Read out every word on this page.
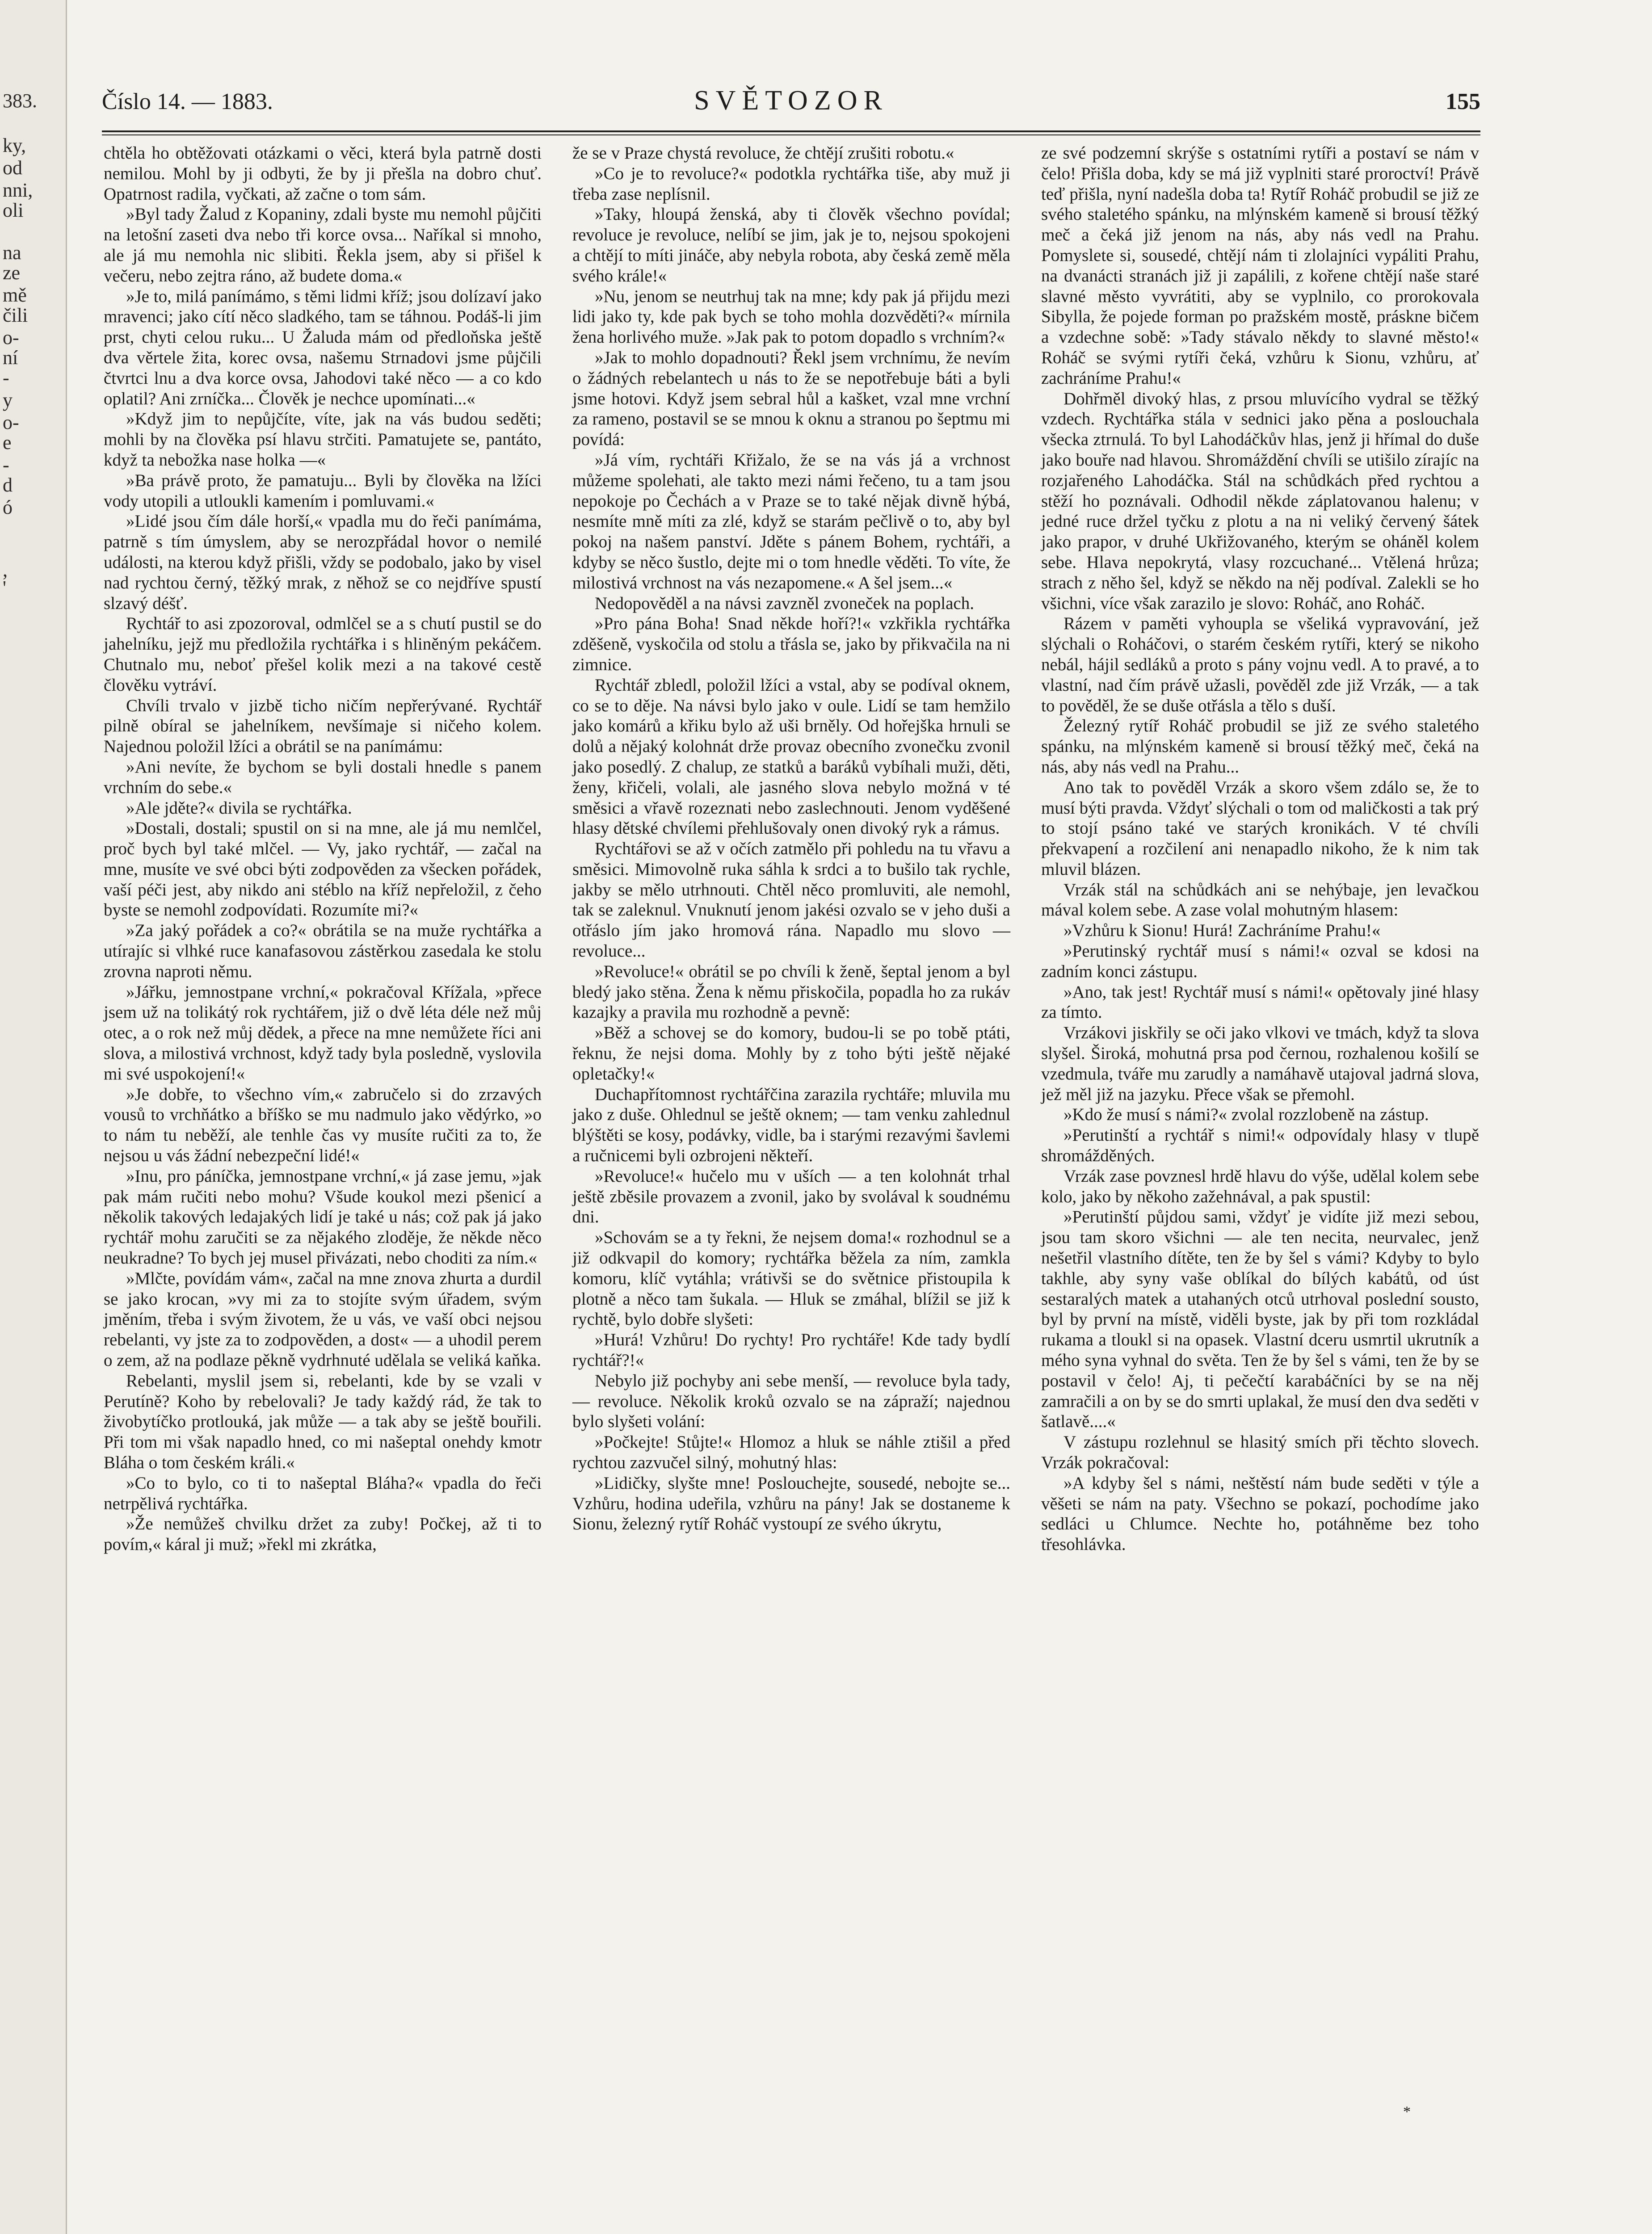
383.
ky,
od
nni,
oli
na
ze
mě
čili
o-
ní
-
y
o-
e
-
d
ó
,
'
Číslo 14. — 1883.	SVĚTOZOR	155

chtěla ho obtěžovati otázkami o věci, která byla patrně dosti nemilou. Mohl by ji odbyti, že by ji přešla na dobro chuť. Opatrnost radila, vyčkati, až začne o tom sám.

»Byl tady Žalud z Kopaniny, zdali byste mu nemohl půjčiti na letošní zaseti dva nebo tři korce ovsa... Naříkal si mnoho, ale já mu nemohla nic slibiti. Řekla jsem, aby si přišel k večeru, nebo zejtra ráno, až budete doma.«

»Je to, milá panímámo, s těmi lidmi kříž; jsou dolízaví jako mravenci; jako cítí něco sladkého, tam se táhnou. Podáš-li jim prst, chyti celou ruku... U Žaluda mám od předloňska ještě dva věrtele žita, korec ovsa, našemu Strnadovi jsme půjčili čtvrtci lnu a dva korce ovsa, Jahodovi také něco — a co kdo oplatil? Ani zrníčka... Člověk je nechce upomínati...«

»Když jim to nepůjčíte, víte, jak na vás budou seděti; mohli by na člověka psí hlavu strčiti. Pamatujete se, pantáto, když ta nebožka nase holka —«

»Ba právě proto, že pamatuju... Byli by člověka na lžíci vody utopili a utloukli kamením i pomluvami.«

»Lidé jsou čím dále horší,« vpadla mu do řeči panímáma, patrně s tím úmyslem, aby se nerozpřádal hovor o nemilé události, na kterou když přišli, vždy se podobalo, jako by visel nad rychtou černý, těžký mrak, z něhož se co nejdříve spustí slzavý déšť.

Rychtář to asi zpozoroval, odmlčel se a s chutí pustil se do jahelníku, jejž mu předložila rychtářka i s hliněným pekáčem. Chutnalo mu, neboť přešel kolik mezi a na takové cestě člověku vytráví.

Chvíli trvalo v jizbě ticho ničím nepřerývané. Rychtář pilně obíral se jahelníkem, nevšímaje si ničeho kolem. Najednou položil lžíci a obrátil se na panímámu:

»Ani nevíte, že bychom se byli dostali hnedle s panem vrchním do sebe.«

»Ale jděte?« divila se rychtářka.

»Dostali, dostali; spustil on si na mne, ale já mu nemlčel, proč bych byl také mlčel. — Vy, jako rychtář, — začal na mne, musíte ve své obci býti zodpověden za všecken pořádek, vaší péči jest, aby nikdo ani stéblo na kříž nepřeložil, z čeho byste se nemohl zodpovídati. Rozumíte mi?«

»Za jaký pořádek a co?« obrátila se na muže rychtářka a utírajíc si vlhké ruce kanafasovou zástěrkou zasedala ke stolu zrovna naproti němu.

»Jářku, jemnostpane vrchní,« pokračoval Křížala, »přece jsem už na tolikátý rok rychtářem, již o dvě léta déle než můj otec, a o rok než můj dědek, a přece na mne nemůžete říci ani slova, a milostivá vrchnost, když tady byla posledně, vyslovila mi své uspokojení!«

»Je dobře, to všechno vím,« zabručelo si do zrzavých vousů to vrchňátko a bříško se mu nadmulo jako vědýrko, »o to nám tu neběží, ale tenhle čas vy musíte ručiti za to, že nejsou u vás žádní nebezpeční lidé!«

»Inu, pro páníčka, jemnostpane vrchní,« já zase jemu, »jak pak mám ručiti nebo mohu? Všude koukol mezi pšenicí a několik takových ledajakých lidí je také u nás; což pak já jako rychtář mohu zaručiti se za nějakého zloděje, že někde něco neukradne? To bych jej musel přivázati, nebo choditi za ním.«

»Mlčte, povídám vám«, začal na mne znova zhurta a durdil se jako krocan, »vy mi za to stojíte svým úřadem, svým jměním, třeba i svým životem, že u vás, ve vaší obci nejsou rebelanti, vy jste za to zodpověden, a dost« — a uhodil perem o zem, až na podlaze pěkně vydrhnuté udělala se veliká kaňka.

Rebelanti, myslil jsem si, rebelanti, kde by se vzali v Perutíně? Koho by rebelovali? Je tady každý rád, že tak to živobytíčko protlouká, jak může — a tak aby se ještě bouřili. Při tom mi však napadlo hned, co mi našeptal onehdy kmotr Bláha o tom českém králi.«

»Co to bylo, co ti to našeptal Bláha?« vpadla do řeči netrpělivá rychtářka.

»Že nemůžeš chvilku držet za zuby! Počkej, až ti to povím,« káral ji muž; »řekl mi zkrátka,

že se v Praze chystá revoluce, že chtějí zrušiti robotu.«

»Co je to revoluce?« podotkla rychtářka tiše, aby muž ji třeba zase neplísnil.

»Taky, hloupá ženská, aby ti člověk všechno povídal; revoluce je revoluce, nelíbí se jim, jak je to, nejsou spokojeni a chtějí to míti jináče, aby nebyla robota, aby česká země měla svého krále!«

»Nu, jenom se neutrhuj tak na mne; kdy pak já přijdu mezi lidi jako ty, kde pak bych se toho mohla dozvěděti?« mírnila žena horlivého muže. »Jak pak to potom dopadlo s vrchním?«

»Jak to mohlo dopadnouti? Řekl jsem vrchnímu, že nevím o žádných rebelantech u nás to že se nepotřebuje báti a byli jsme hotovi. Když jsem sebral hůl a kašket, vzal mne vrchní za rameno, postavil se se mnou k oknu a stranou po šeptmu mi povídá:

»Já vím, rychtáři Křižalo, že se na vás já a vrchnost můžeme spolehati, ale takto mezi námi řečeno, tu a tam jsou nepokoje po Čechách a v Praze se to také nějak divně hýbá, nesmíte mně míti za zlé, když se starám pečlivě o to, aby byl pokoj na našem panství. Jděte s pánem Bohem, rychtáři, a kdyby se něco šustlo, dejte mi o tom hnedle věděti. To víte, že milostivá vrchnost na vás nezapomene.« A šel jsem...«

Nedopověděl a na návsi zavzněl zvoneček na poplach.

»Pro pána Boha! Snad někde hoří?!« vzkřikla rychtářka zděšeně, vyskočila od stolu a třásla se, jako by přikvačila na ni zimnice.

Rychtář zbledl, položil lžíci a vstal, aby se podíval oknem, co se to děje. Na návsi bylo jako v oule. Lidí se tam hemžilo jako komárů a křiku bylo až uši brněly. Od hořejška hrnuli se dolů a nějaký kolohnát drže provaz obecního zvonečku zvonil jako posedlý. Z chalup, ze statků a baráků vybíhali muži, děti, ženy, křičeli, volali, ale jasného slova nebylo možná v té směsici a vřavě rozeznati nebo zaslechnouti. Jenom vyděšené hlasy dětské chvílemi přehlušovaly onen divoký ryk a rámus.

Rychtářovi se až v očích zatmělo při pohledu na tu vřavu a směsici. Mimovolně ruka sáhla k srdci a to bušilo tak rychle, jakby se mělo utrhnouti. Chtěl něco promluviti, ale nemohl, tak se zaleknul. Vnuknutí jenom jakési ozvalo se v jeho duši a otřáslo jím jako hromová rána. Napadlo mu slovo — revoluce...

»Revoluce!« obrátil se po chvíli k ženě, šeptal jenom a byl bledý jako stěna. Žena k němu přiskočila, popadla ho za rukáv kazajky a pravila mu rozhodně a pevně:

»Běž a schovej se do komory, budou-li se po tobě ptáti, řeknu, že nejsi doma. Mohly by z toho býti ještě nějaké opletačky!«

Duchapřítomnost rychtářčina zarazila rychtáře; mluvila mu jako z duše. Ohlednul se ještě oknem; — tam venku zahlednul blýštěti se kosy, podávky, vidle, ba i starými rezavými šavlemi a ručnicemi byli ozbrojeni někteří.

»Revoluce!« hučelo mu v uších — a ten kolohnát trhal ještě zběsile provazem a zvonil, jako by svolával k soudnému dni.

»Schovám se a ty řekni, že nejsem doma!« rozhodnul se a již odkvapil do komory; rychtářka běžela za ním, zamkla komoru, klíč vytáhla; vrátivši se do světnice přistoupila k plotně a něco tam šukala. — Hluk se zmáhal, blížil se již k rychtě, bylo dobře slyšeti:

»Hurá! Vzhůru! Do rychty! Pro rychtáře! Kde tady bydlí rychtář?!«

Nebylo již pochyby ani sebe menší, — revoluce byla tady, — revoluce. Několik kroků ozvalo se na zápraží; najednou bylo slyšeti volání:

»Počkejte! Stůjte!« Hlomoz a hluk se náhle ztišil a před rychtou zazvučel silný, mohutný hlas:

»Lidičky, slyšte mne! Poslouchejte, sousedé, nebojte se... Vzhůru, hodina udeřila, vzhůru na pány! Jak se dostaneme k Sionu, železný rytíř Roháč vystoupí ze svého úkrytu,

ze své podzemní skrýše s ostatními rytíři a postaví se nám v čelo! Přišla doba, kdy se má již vyplniti staré proroctví! Právě teď přišla, nyní nadešla doba ta! Rytíř Roháč probudil se již ze svého staletého spánku, na mlýnském kameně si brousí těžký meč a čeká již jenom na nás, aby nás vedl na Prahu. Pomyslete si, sousedé, chtějí nám ti zlolajníci vypáliti Prahu, na dvanácti stranách již ji zapálili, z kořene chtějí naše staré slavné město vyvrátiti, aby se vyplnilo, co prorokovala Sibylla, že pojede forman po pražském mostě, práskne bičem a vzdechne sobě: »Tady stávalo někdy to slavné město!« Roháč se svými rytíři čeká, vzhůru k Sionu, vzhůru, ať zachráníme Prahu!«

Dohřměl divoký hlas, z prsou mluvícího vydral se těžký vzdech. Rychtářka stála v sednici jako pěna a poslouchala všecka ztrnulá. To byl Lahodáčkův hlas, jenž ji hřímal do duše jako bouře nad hlavou. Shromáždění chvíli se utišilo zírajíc na rozjařeného Lahodáčka. Stál na schůdkách před rychtou a stěží ho poznávali. Odhodil někde záplatovanou halenu; v jedné ruce držel tyčku z plotu a na ni veliký červený šátek jako prapor, v druhé Ukřižovaného, kterým se oháněl kolem sebe. Hlava nepokrytá, vlasy rozcuchané... Vtělená hrůza; strach z něho šel, když se někdo na něj podíval. Zalekli se ho všichni, více však zarazilo je slovo: Roháč, ano Roháč.

Rázem v paměti vyhoupla se všeliká vypravování, jež slýchali o Roháčovi, o starém českém rytíři, který se nikoho nebál, hájil sedláků a proto s pány vojnu vedl. A to pravé, a to vlastní, nad čím právě užasli, pověděl zde již Vrzák, — a tak to pověděl, že se duše otřásla a tělo s duší.

Železný rytíř Roháč probudil se již ze svého staletého spánku, na mlýnském kameně si brousí těžký meč, čeká na nás, aby nás vedl na Prahu...

Ano tak to pověděl Vrzák a skoro všem zdálo se, že to musí býti pravda. Vždyť slýchali o tom od maličkosti a tak prý to stojí psáno také ve starých kronikách. V té chvíli překvapení a rozčilení ani nenapadlo nikoho, že k nim tak mluvil blázen.

Vrzák stál na schůdkách ani se nehýbaje, jen levačkou mával kolem sebe. A zase volal mohutným hlasem:

»Vzhůru k Sionu! Hurá! Zachráníme Prahu!«

»Perutinský rychtář musí s námi!« ozval se kdosi na zadním konci zástupu.

»Ano, tak jest! Rychtář musí s námi!« opětovaly jiné hlasy za tímto.

Vrzákovi jiskřily se oči jako vlkovi ve tmách, když ta slova slyšel. Široká, mohutná prsa pod černou, rozhalenou košilí se vzedmula, tváře mu zarudly a namáhavě utajoval jadrná slova, jež měl již na jazyku. Přece však se přemohl.

»Kdo že musí s námi?« zvolal rozzlobeně na zástup.

»Perutinští a rychtář s nimi!« odpovídaly hlasy v tlupě shromážděných.

Vrzák zase povznesl hrdě hlavu do výše, udělal kolem sebe kolo, jako by někoho zažehnával, a pak spustil:

»Perutinští půjdou sami, vždyť je vidíte již mezi sebou, jsou tam skoro všichni — ale ten necita, neurvalec, jenž nešetřil vlastního dítěte, ten že by šel s vámi? Kdyby to bylo takhle, aby syny vaše oblíkal do bílých kabátů, od úst sestaralých matek a utahaných otců utrhoval poslední sousto, byl by první na místě, viděli byste, jak by při tom rozkládal rukama a tloukl si na opasek. Vlastní dceru usmrtil ukrutník a mého syna vyhnal do světa. Ten že by šel s vámi, ten že by se postavil v čelo! Aj, ti pečečtí karabáčníci by se na něj zamračili a on by se do smrti uplakal, že musí den dva seděti v šatlavě....«

V zástupu rozlehnul se hlasitý smích při těchto slovech. Vrzák pokračoval:

»A kdyby šel s námi, neštěstí nám bude seděti v týle a věšeti se nám na paty. Všechno se pokazí, pochodíme jako sedláci u Chlumce. Nechte ho, potáhněme bez toho třesohlávka.

*
